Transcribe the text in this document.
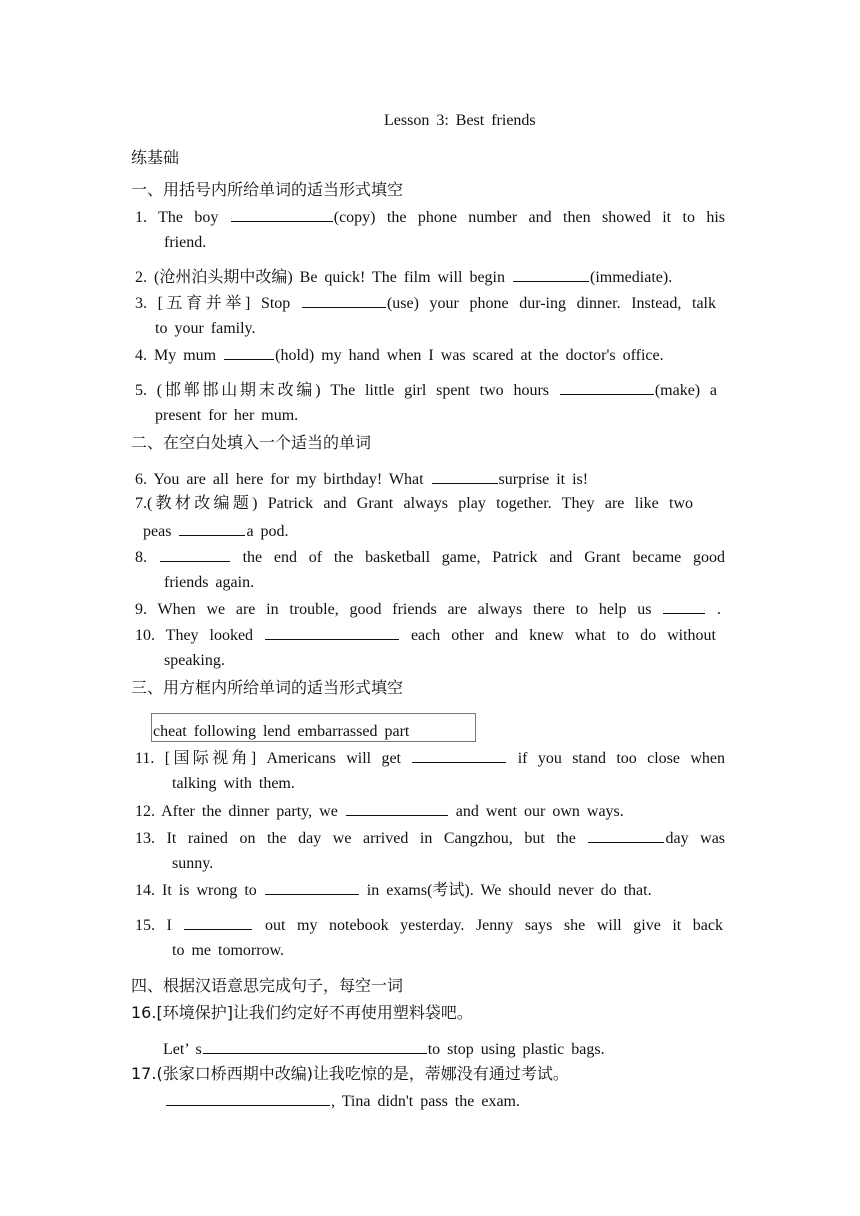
Lesson 3: Best friends
练基础
一、用括号内所给单词的适当形式填空
1. The boy	(copy) the phone number and then showed it to his
friend.
2. (沧州泊头期中改编) Be quick! The film will begin	(immediate).
3. [五育并举] Stop	(use) your phone dur-ing dinner. Instead, talk
to your family.
4. My mum	(hold) my hand when I was scared at the doctor's office.
5. (邯郸邯山期末改编) The little girl spent two hours	(make) a
present for her mum.
二、在空白处填入一个适当的单词
6. You are all here for my birthday! What	surprise it is!
7.(教材改编题) Patrick and Grant always play together. They are like two
peas	a pod.
8.	the end of the basketball game, Patrick and Grant became good
friends again.
9. When we are in trouble, good friends are always there to help us	.
10. They looked	each other and knew what to do without
speaking.
三、用方框内所给单词的适当形式填空
cheat following lend embarrassed part
11. [国际视角] Americans will get	if you stand too close when
talking with them.
12. After the dinner party, we	and went our own ways.
13. It rained on the day we arrived in Cangzhou, but the	day was
sunny.
14. It is wrong to	in exams(考试). We should never do that.
15. I	out my notebook yesterday. Jenny says she will give it back
to me tomorrow.
四、根据汉语意思完成句子，每空一词
16.[环境保护]让我们约定好不再使用塑料袋吧。
Let’ s	to stop using plastic bags.
17.(张家口桥西期中改编)让我吃惊的是，蒂娜没有通过考试。
, Tina didn't pass the exam.
